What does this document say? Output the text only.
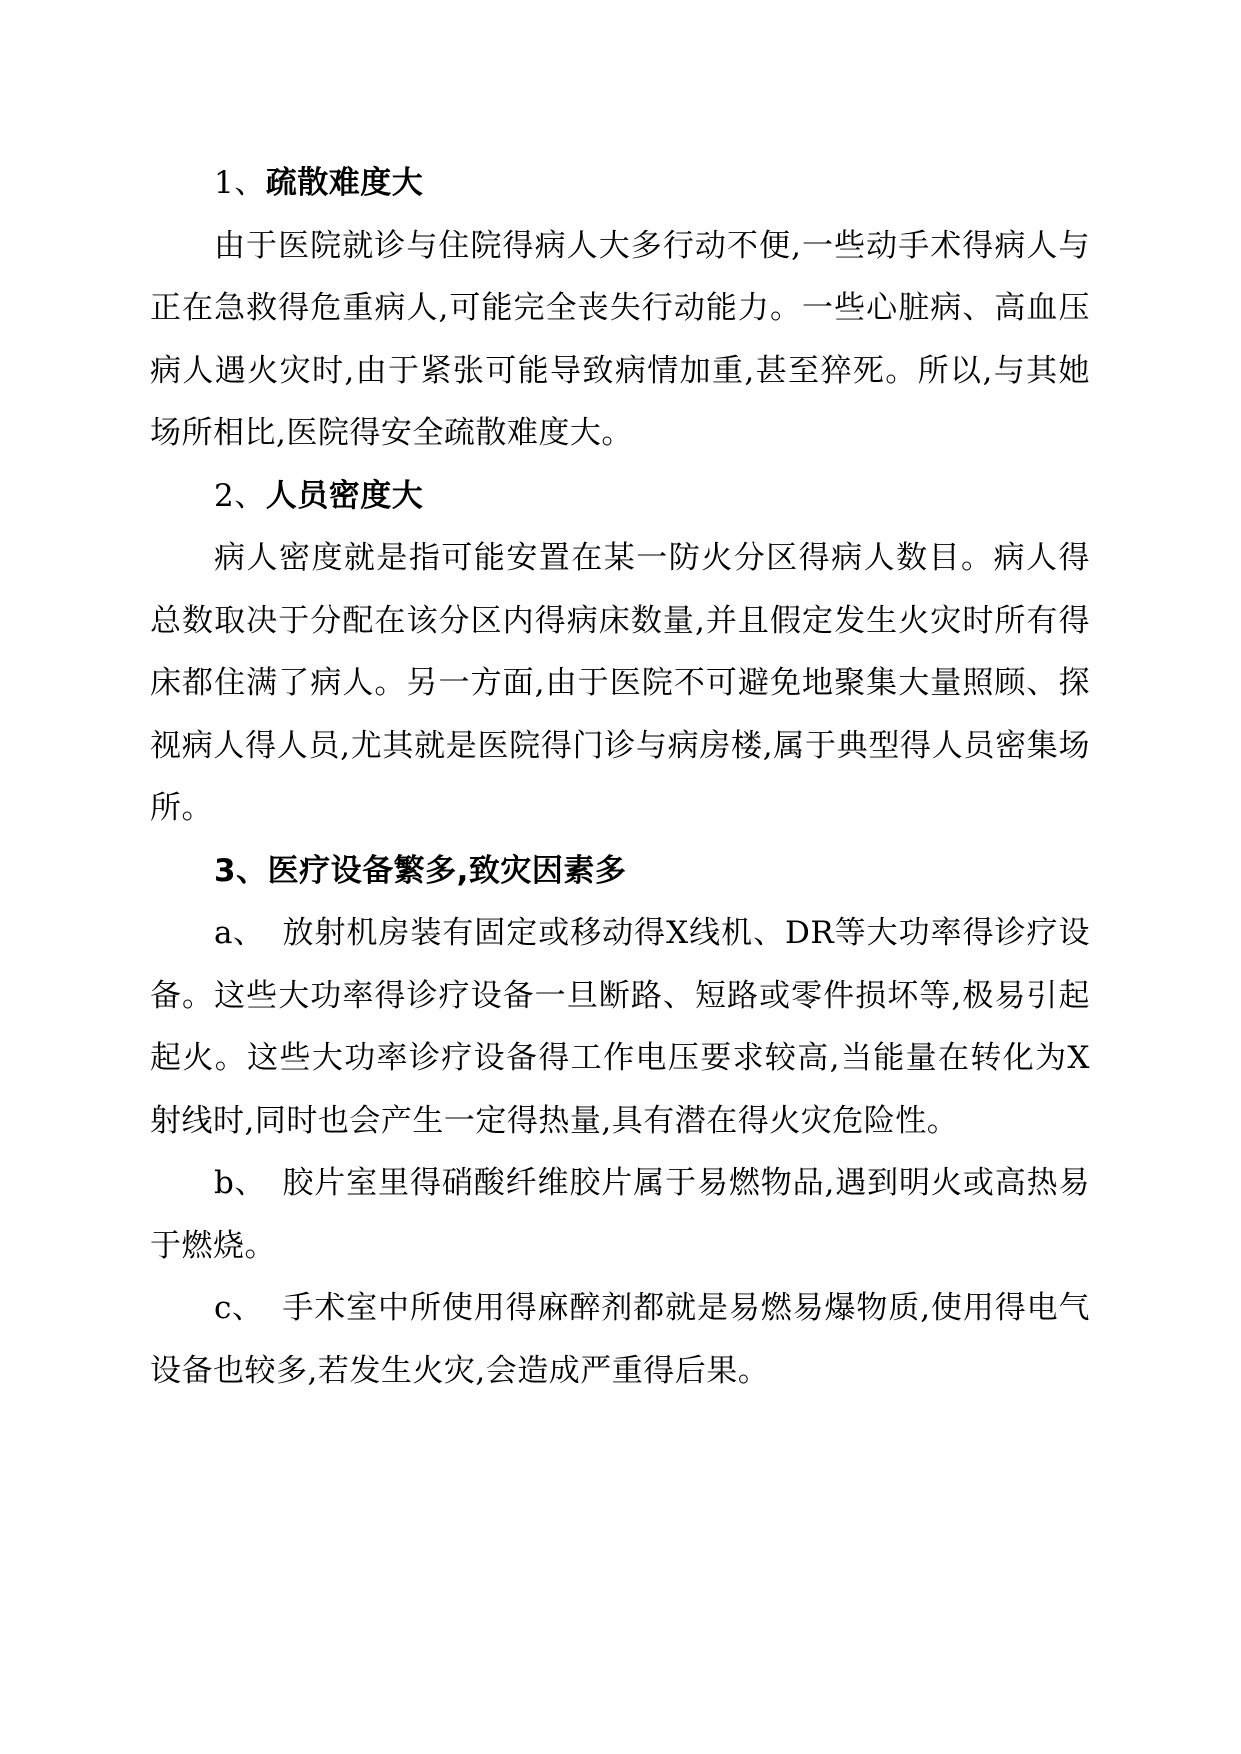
1、 疏散难度大

由于医院就诊与住院得病人大多行动不便,一些动手术得病人与正在急救得危重病人,可能完全丧失行动能力。一些心脏病、高血压病人遇火灾时,由于紧张可能导致病情加重,甚至猝死。所以,与其她场所相比,医院得安全疏散难度大。

2、 人员密度大

病人密度就是指可能安置在某一防火分区得病人数目。病人得总数取决于分配在该分区内得病床数量,并且假定发生火灾时所有得床都住满了病人。另一方面,由于医院不可避免地聚集大量照顾、探视病人得人员,尤其就是医院得门诊与病房楼,属于典型得人员密集场所。

3、 医疗设备繁多,致灾因素多

a、 放射机房装有固定或移动得X线机、DR等大功率得诊疗设备。这些大功率得诊疗设备一旦断路、短路或零件损坏等,极易引起起火。这些大功率诊疗设备得工作电压要求较高,当能量在转化为X射线时,同时也会产生一定得热量,具有潜在得火灾危险性。

b、 胶片室里得硝酸纤维胶片属于易燃物品,遇到明火或高热易于燃烧。

c、 手术室中所使用得麻醉剂都就是易燃易爆物质,使用得电气设备也较多,若发生火灾,会造成严重得后果。
